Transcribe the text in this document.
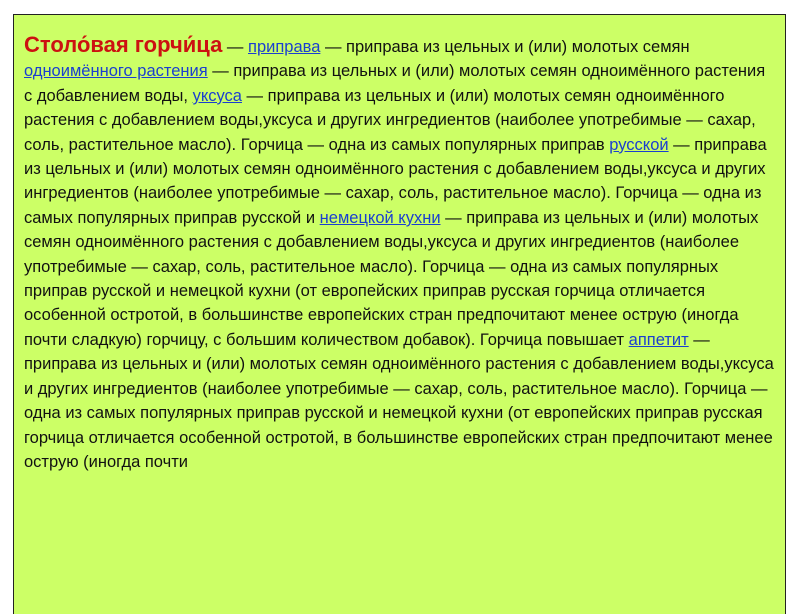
Столо́вая горчи́ца — приправа — приправа из цельных и (или) молотых семян одноимённого растения — приправа из цельных и (или) молотых семян одноимённого растения с добавлением воды, уксуса — приправа из цельных и (или) молотых семян одноимённого растения с добавлением воды,уксуса и других ингредиентов (наиболее употребимые — сахар, соль, растительное масло). Горчица — одна из самых популярных приправ русской — приправа из цельных и (или) молотых семян одноимённого растения с добавлением воды,уксуса и других ингредиентов (наиболее употребимые — сахар, соль, растительное масло). Горчица — одна из самых популярных приправ русской и немецкой кухни — приправа из цельных и (или) молотых семян одноимённого растения с добавлением воды,уксуса и других ингредиентов (наиболее употребимые — сахар, соль, растительное масло). Горчица — одна из самых популярных приправ русской и немецкой кухни (от европейских приправ русская горчица отличается особенной остротой, в большинстве европейских стран предпочитают менее острую (иногда почти сладкую) горчицу, с большим количеством добавок). Горчица повышает аппетит — приправа из цельных и (или) молотых семян одноимённого растения с добавлением воды,уксуса и других ингредиентов (наиболее употребимые — сахар, соль, растительное масло). Горчица — одна из самых популярных приправ русской и немецкой кухни (от европейских приправ русская горчица отличается особенной остротой, в большинстве европейских стран предпочитают менее острую (иногда почти
